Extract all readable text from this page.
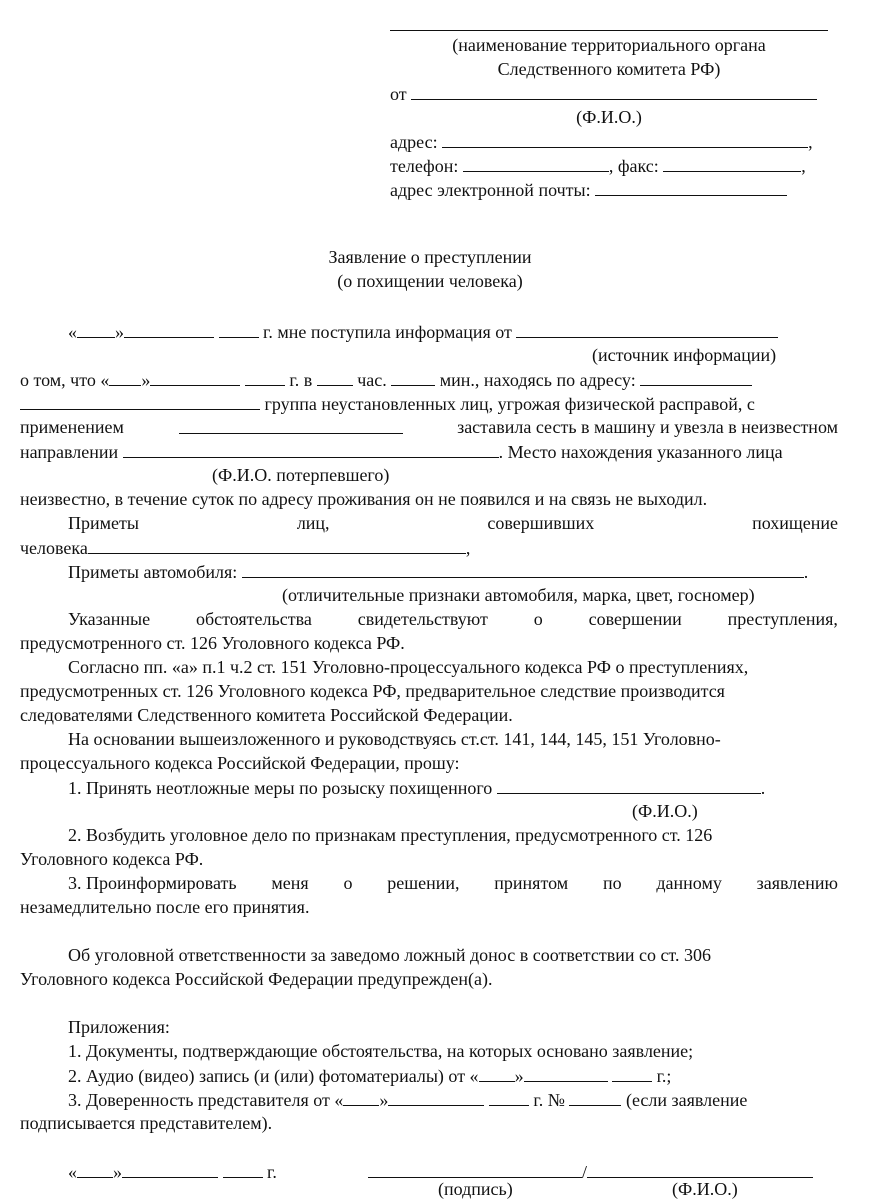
(наименование территориального органа
Следственного комитета РФ)
от
(Ф.И.О.)
адрес:	,
телефон:	, факс:	,
адрес электронной почты:
Заявление о преступлении
(о похищении человека)
« »	г. мне поступила информация от
(источник информации)
о том, что « »	г. в	час.	мин., находясь по адресу:
группа неустановленных лиц, угрожая физической расправой, с
применением	заставила сесть в машину и увезла в неизвестном
направлении	. Место нахождения указанного лица
(Ф.И.О. потерпевшего)
неизвестно, в течение суток по адресу проживания он не появился и на связь не выходил.
Приметы	лиц,	совершивших	похищение
человека	,
Приметы автомобиля:	.
(отличительные признаки автомобиля, марка, цвет, госномер)
Указанные	обстоятельства	свидетельствуют	о	совершении	преступления,
предусмотренного ст. 126 Уголовного кодекса РФ.
Согласно пп. «а» п.1 ч.2 ст. 151 Уголовно-процессуального кодекса РФ о преступлениях,
предусмотренных ст. 126 Уголовного кодекса РФ, предварительное следствие производится
следователями Следственного комитета Российской Федерации.
На основании вышеизложенного и руководствуясь ст.ст. 141, 144, 145, 151 Уголовно-
процессуального кодекса Российской Федерации, прошу:
1. Принять неотложные меры по розыску похищенного	.
(Ф.И.О.)
2. Возбудить уголовное дело по признакам преступления, предусмотренного ст. 126
Уголовного кодекса РФ.
3. Проинформировать меня о решении, принятом по данному заявлению
незамедлительно после его принятия.
Об уголовной ответственности за заведомо ложный донос в соответствии со ст. 306
Уголовного кодекса Российской Федерации предупрежден(а).
Приложения:
1. Документы, подтверждающие обстоятельства, на которых основано заявление;
2. Аудио (видео) запись (и (или) фотоматериалы) от « »	г.;
3. Доверенность представителя от « »	г. №	(если заявление
подписывается представителем).
« »	г.	/
(подпись)	(Ф.И.О.)
